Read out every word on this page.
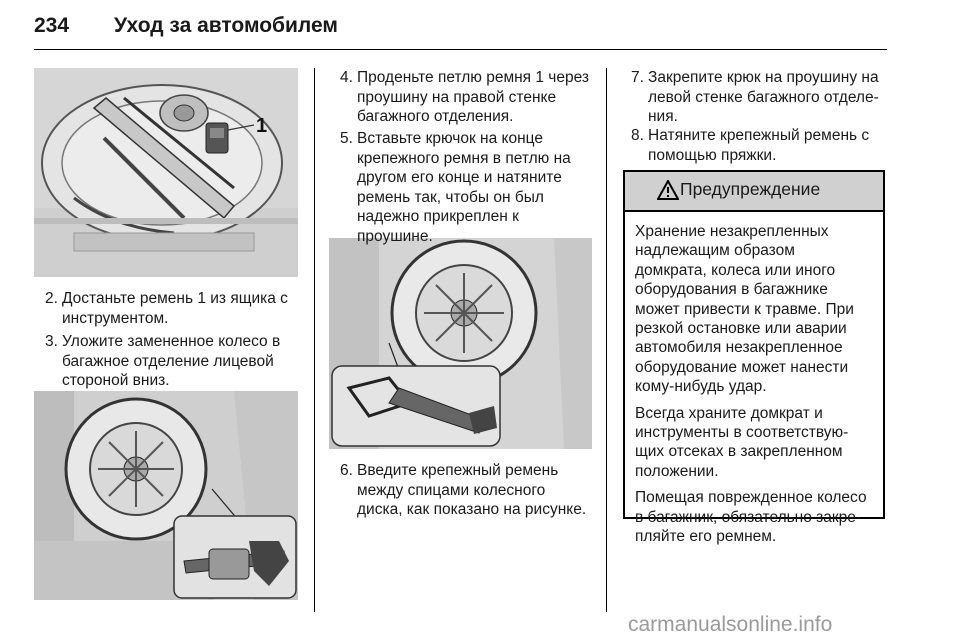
234 Уход за автомобилем
1
2. Достаньте ремень 1 из ящика с
инструментом.
3. Уложите замененное колесо в
багажное отделение лицевой
стороной вниз.
4. Проденьте петлю ремня 1 через
проушину на правой стенке
багажного отделения.
5. Вставьте крючок на конце
крепежного ремня в петлю на
другом его конце и натяните
ремень так, чтобы он был
надежно прикреплен к
проушине.
6. Введите крепежный ремень
между спицами колесного
диска, как показано на рисунке.
7. Закрепите крюк на проушину на
левой стенке багажного отделе-
ния.
8. Натяните крепежный ремень с
помощью пряжки.
Предупреждение

Хранение незакрепленных
надлежащим образом
домкрата, колеса или иного
оборудования в багажнике
может привести к травме. При
резкой остановке или аварии
автомобиля незакрепленное
оборудование может нанести
кому-нибудь удар.

Всегда храните домкрат и
инструменты в соответствую-
щих отсеках в закрепленном
положении.

Помещая поврежденное колесо
в багажник, обязательно закре-
пляйте его ремнем.

carmanualsonline.info
